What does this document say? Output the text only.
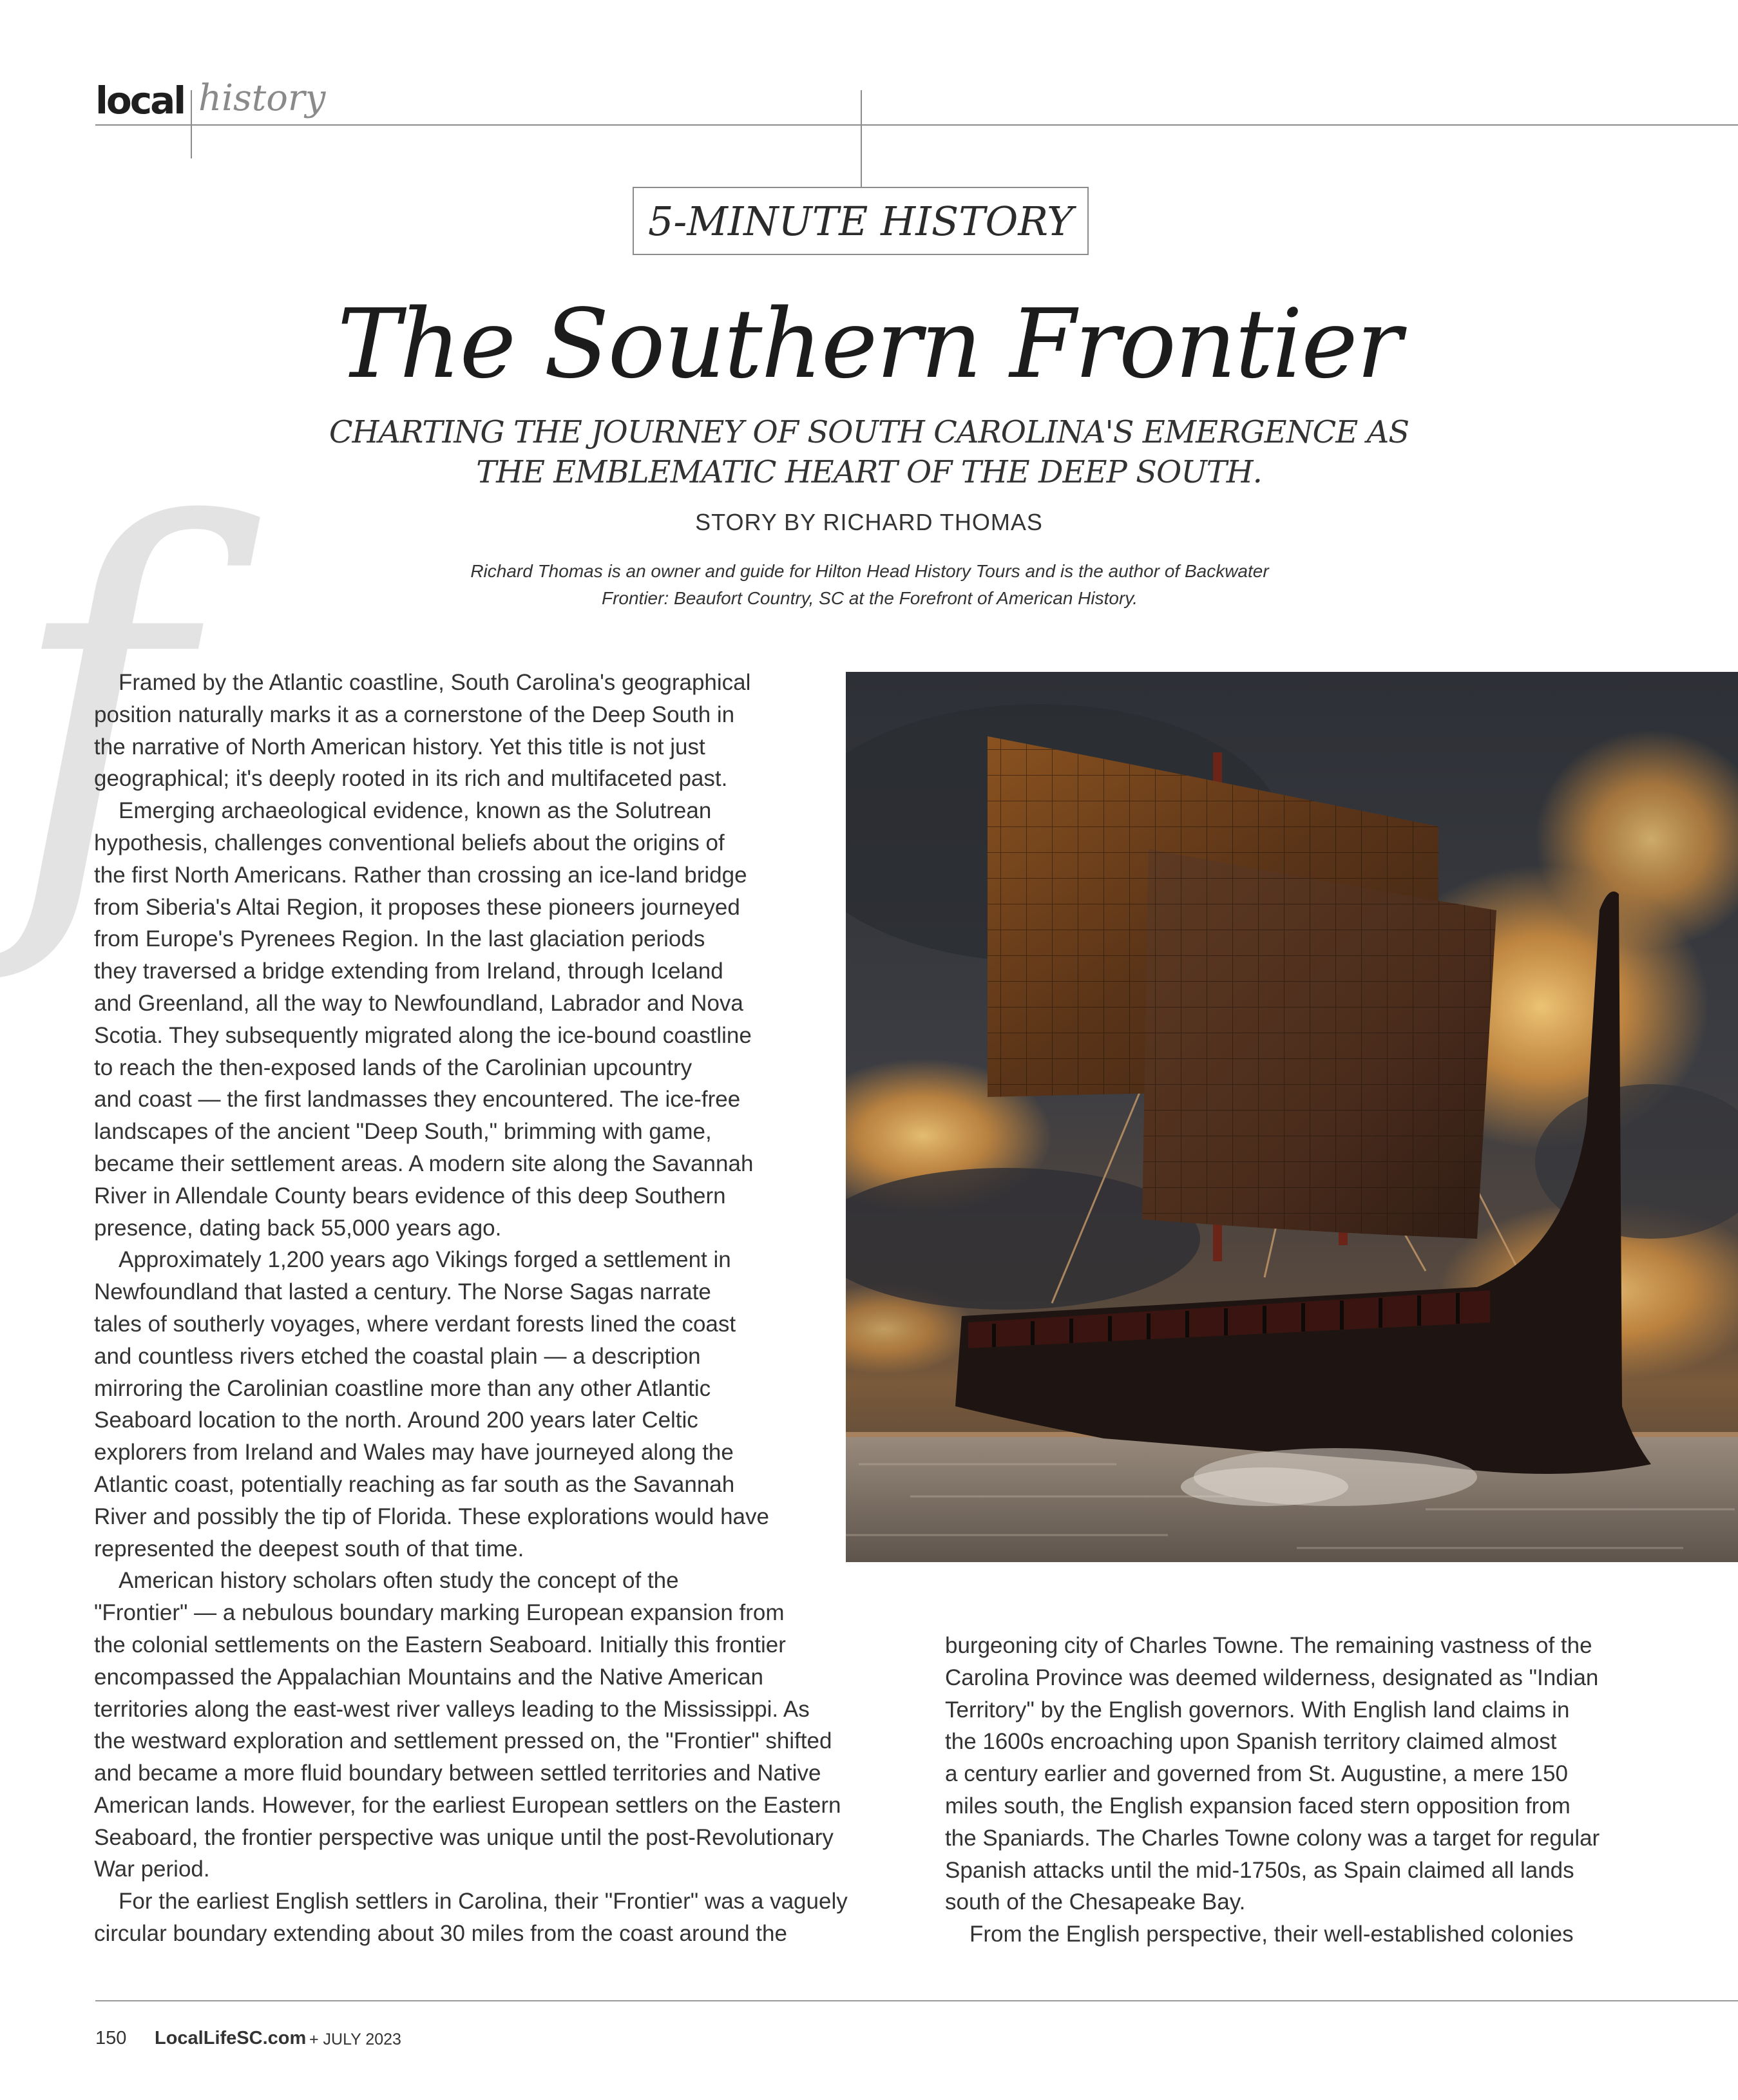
local history
5-MINUTE HISTORY
The Southern Frontier
CHARTING THE JOURNEY OF SOUTH CAROLINA'S EMERGENCE AS
THE EMBLEMATIC HEART OF THE DEEP SOUTH.
STORY BY RICHARD THOMAS
Richard Thomas is an owner and guide for Hilton Head History Tours and is the author of Backwater
Frontier: Beaufort Country, SC at the Forefront of American History.
f
Framed by the Atlantic coastline, South Carolina's geographical
position naturally marks it as a cornerstone of the Deep South in
the narrative of North American history. Yet this title is not just
geographical; it's deeply rooted in its rich and multifaceted past.
Emerging archaeological evidence, known as the Solutrean
hypothesis, challenges conventional beliefs about the origins of
the first North Americans. Rather than crossing an ice-land bridge
from Siberia's Altai Region, it proposes these pioneers journeyed
from Europe's Pyrenees Region. In the last glaciation periods
they traversed a bridge extending from Ireland, through Iceland
and Greenland, all the way to Newfoundland, Labrador and Nova
Scotia. They subsequently migrated along the ice-bound coastline
to reach the then-exposed lands of the Carolinian upcountry
and coast — the first landmasses they encountered. The ice-free
landscapes of the ancient "Deep South," brimming with game,
became their settlement areas. A modern site along the Savannah
River in Allendale County bears evidence of this deep Southern
presence, dating back 55,000 years ago.
Approximately 1,200 years ago Vikings forged a settlement in
Newfoundland that lasted a century. The Norse Sagas narrate
tales of southerly voyages, where verdant forests lined the coast
and countless rivers etched the coastal plain — a description
mirroring the Carolinian coastline more than any other Atlantic
Seaboard location to the north. Around 200 years later Celtic
explorers from Ireland and Wales may have journeyed along the
Atlantic coast, potentially reaching as far south as the Savannah
River and possibly the tip of Florida. These explorations would have
represented the deepest south of that time.
American history scholars often study the concept of the
"Frontier" — a nebulous boundary marking European expansion from
the colonial settlements on the Eastern Seaboard. Initially this frontier
encompassed the Appalachian Mountains and the Native American
territories along the east-west river valleys leading to the Mississippi. As
the westward exploration and settlement pressed on, the "Frontier" shifted
and became a more fluid boundary between settled territories and Native
American lands. However, for the earliest European settlers on the Eastern
Seaboard, the frontier perspective was unique until the post-Revolutionary
War period.
For the earliest English settlers in Carolina, their "Frontier" was a vaguely
circular boundary extending about 30 miles from the coast around the
burgeoning city of Charles Towne. The remaining vastness of the
Carolina Province was deemed wilderness, designated as "Indian
Territory" by the English governors. With English land claims in
the 1600s encroaching upon Spanish territory claimed almost
a century earlier and governed from St. Augustine, a mere 150
miles south, the English expansion faced stern opposition from
the Spaniards. The Charles Towne colony was a target for regular
Spanish attacks until the mid-1750s, as Spain claimed all lands
south of the Chesapeake Bay.
From the English perspective, their well-established colonies
150 LocalLifeSC.com + JULY 2023
